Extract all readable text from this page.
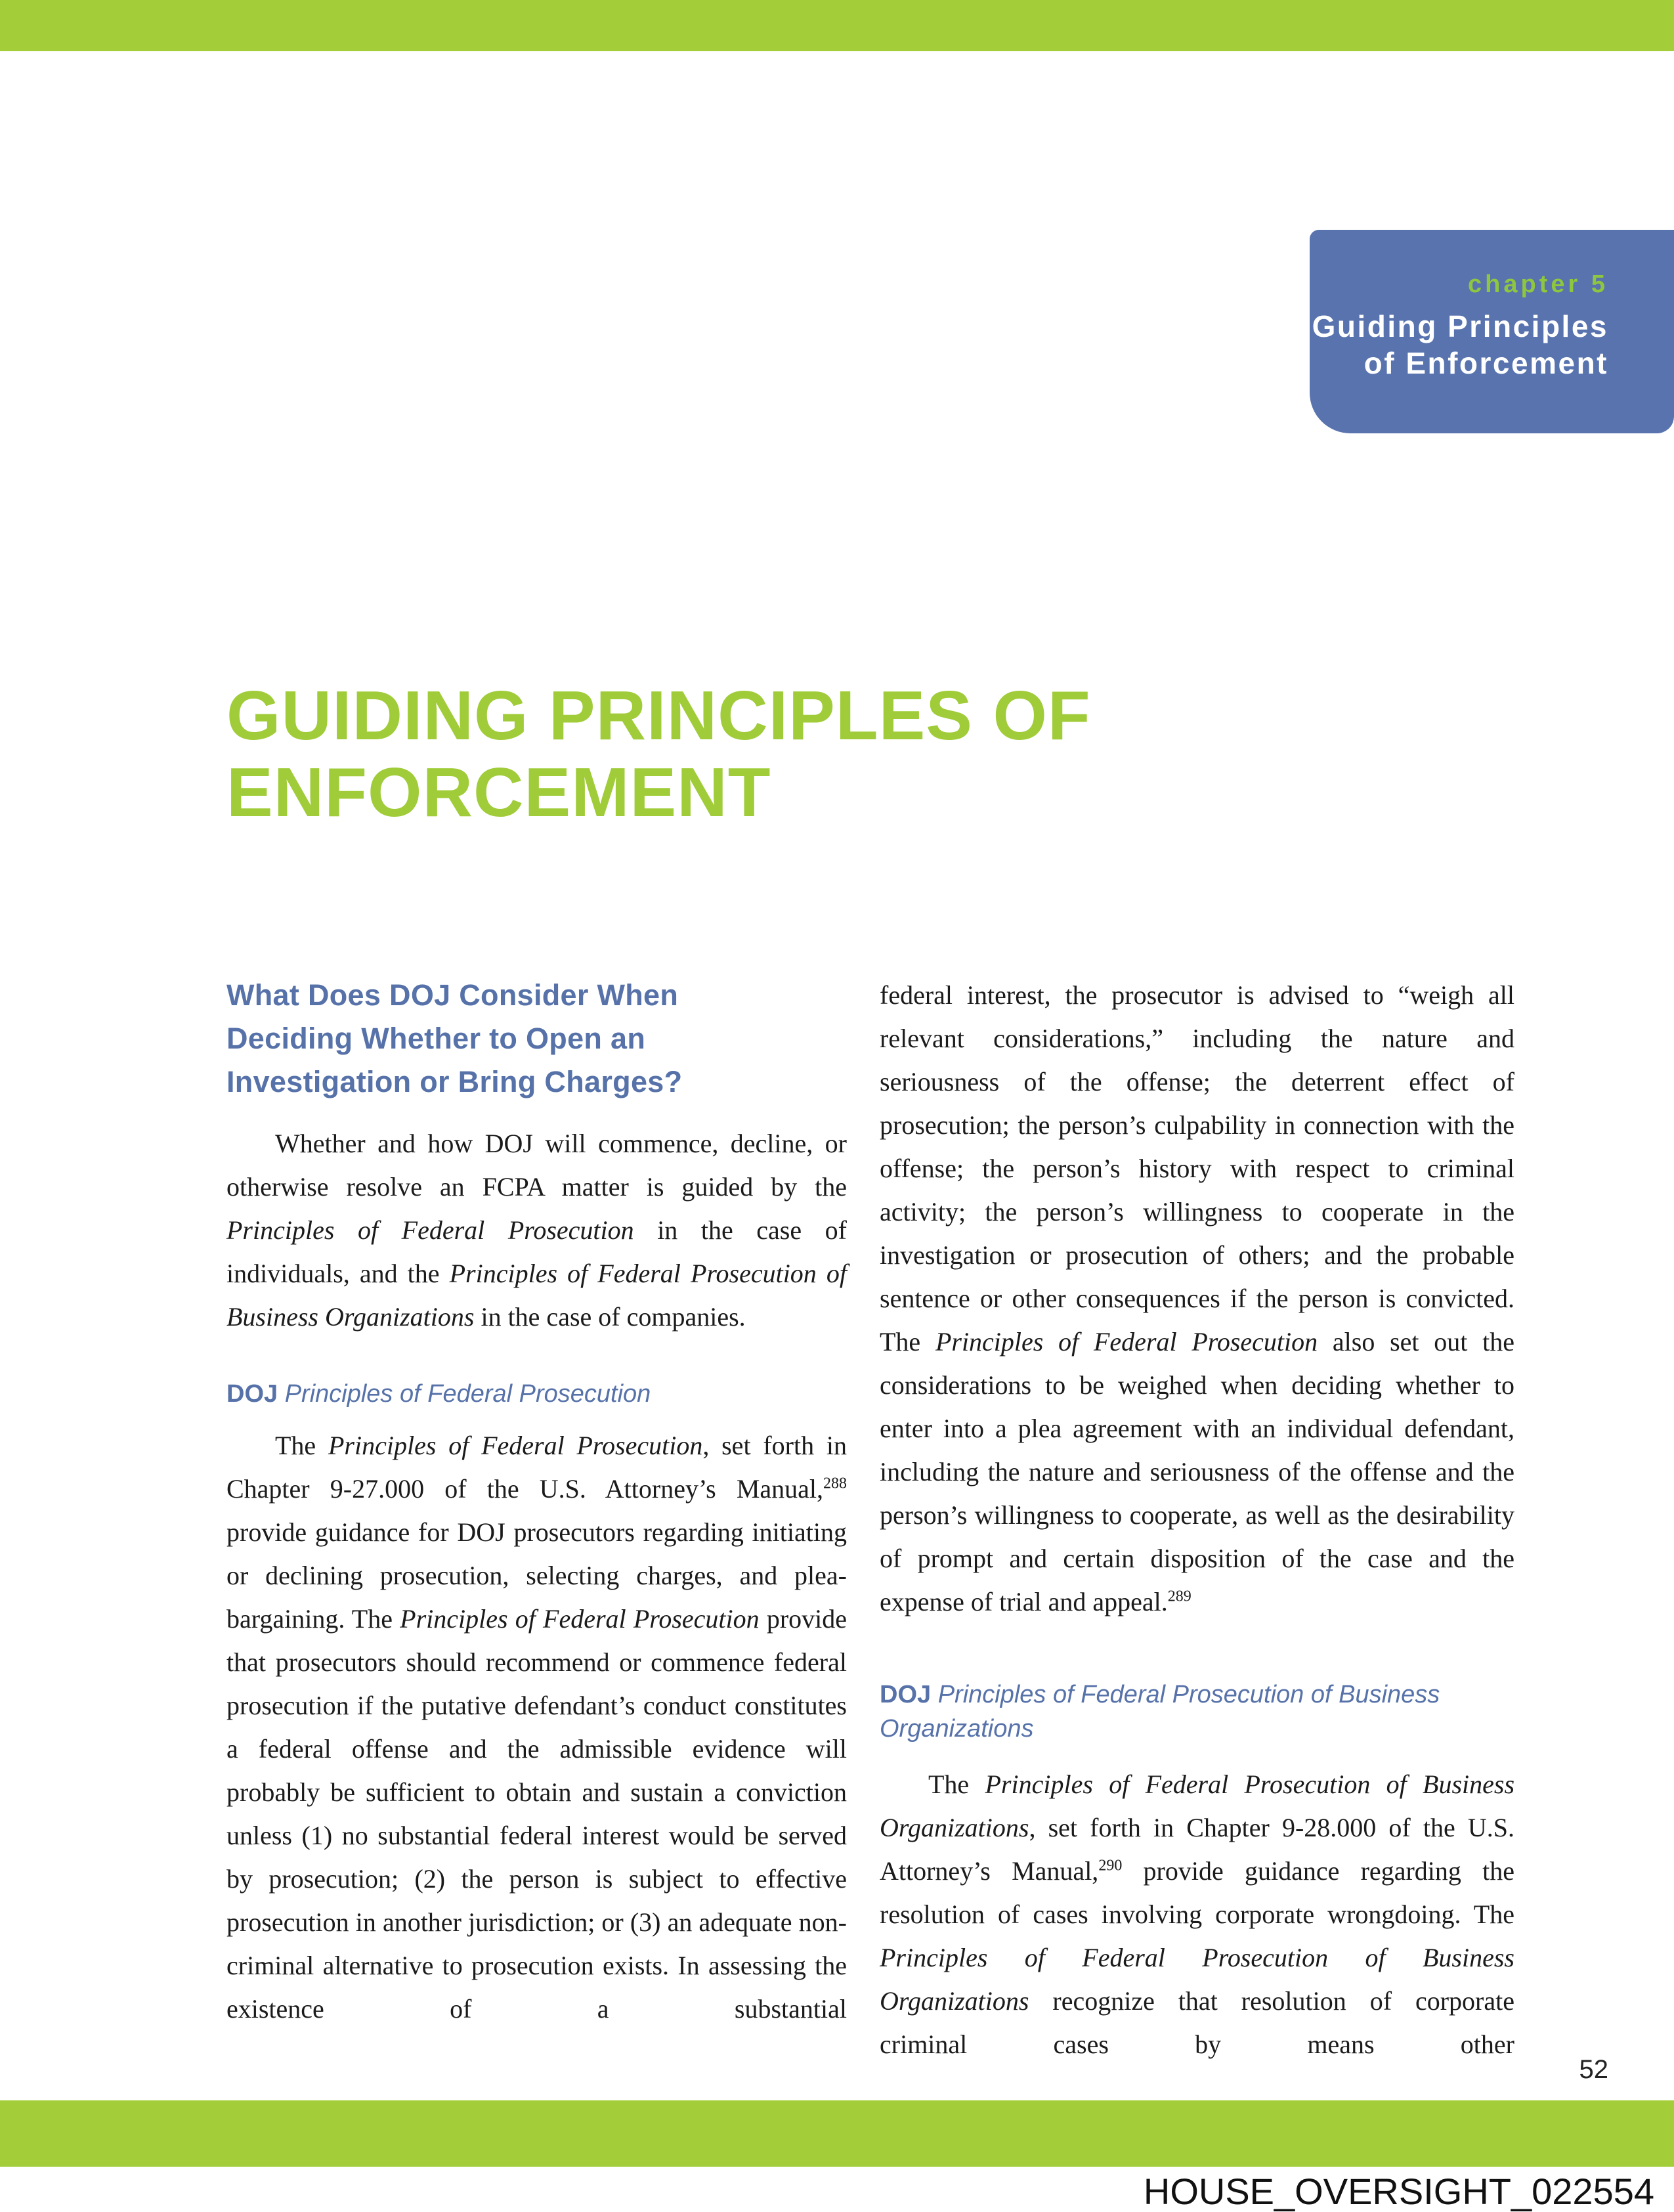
chapter 5
Guiding Principles
of Enforcement
GUIDING PRINCIPLES OF
ENFORCEMENT
What Does DOJ Consider When
Deciding Whether to Open an
Investigation or Bring Charges?

Whether and how DOJ will commence, decline, or otherwise resolve an FCPA matter is guided by the Principles of Federal Prosecution in the case of individuals, and the Principles of Federal Prosecution of Business Organizations in the case of companies.

DOJ Principles of Federal Prosecution

The Principles of Federal Prosecution, set forth in Chapter 9-27.000 of the U.S. Attorney’s Manual,$^{288}$ provide guidance for DOJ prosecutors regarding initiating or declining prosecution, selecting charges, and plea-bargaining. The Principles of Federal Prosecution provide that prosecutors should recommend or commence federal prosecution if the putative defendant’s conduct constitutes a federal offense and the admissible evidence will probably be sufficient to obtain and sustain a conviction unless (1) no substantial federal interest would be served by prosecution; (2) the person is subject to effective prosecution in another jurisdiction; or (3) an adequate non-criminal alternative to prosecution exists. In assessing the existence of a substantial

federal interest, the prosecutor is advised to “weigh all relevant considerations,” including the nature and seriousness of the offense; the deterrent effect of prosecution; the person’s culpability in connection with the offense; the person’s history with respect to criminal activity; the person’s willingness to cooperate in the investigation or prosecution of others; and the probable sentence or other consequences if the person is convicted. The Principles of Federal Prosecution also set out the considerations to be weighed when deciding whether to enter into a plea agreement with an individual defendant, including the nature and seriousness of the offense and the person’s willingness to cooperate, as well as the desirability of prompt and certain disposition of the case and the expense of trial and appeal.$^{289}$

DOJ Principles of Federal Prosecution of Business Organizations

The Principles of Federal Prosecution of Business Organizations, set forth in Chapter 9-28.000 of the U.S. Attorney’s Manual,$^{290}$ provide guidance regarding the resolution of cases involving corporate wrongdoing. The Principles of Federal Prosecution of Business Organizations recognize that resolution of corporate criminal cases by means other

52
HOUSE_OVERSIGHT_022554
